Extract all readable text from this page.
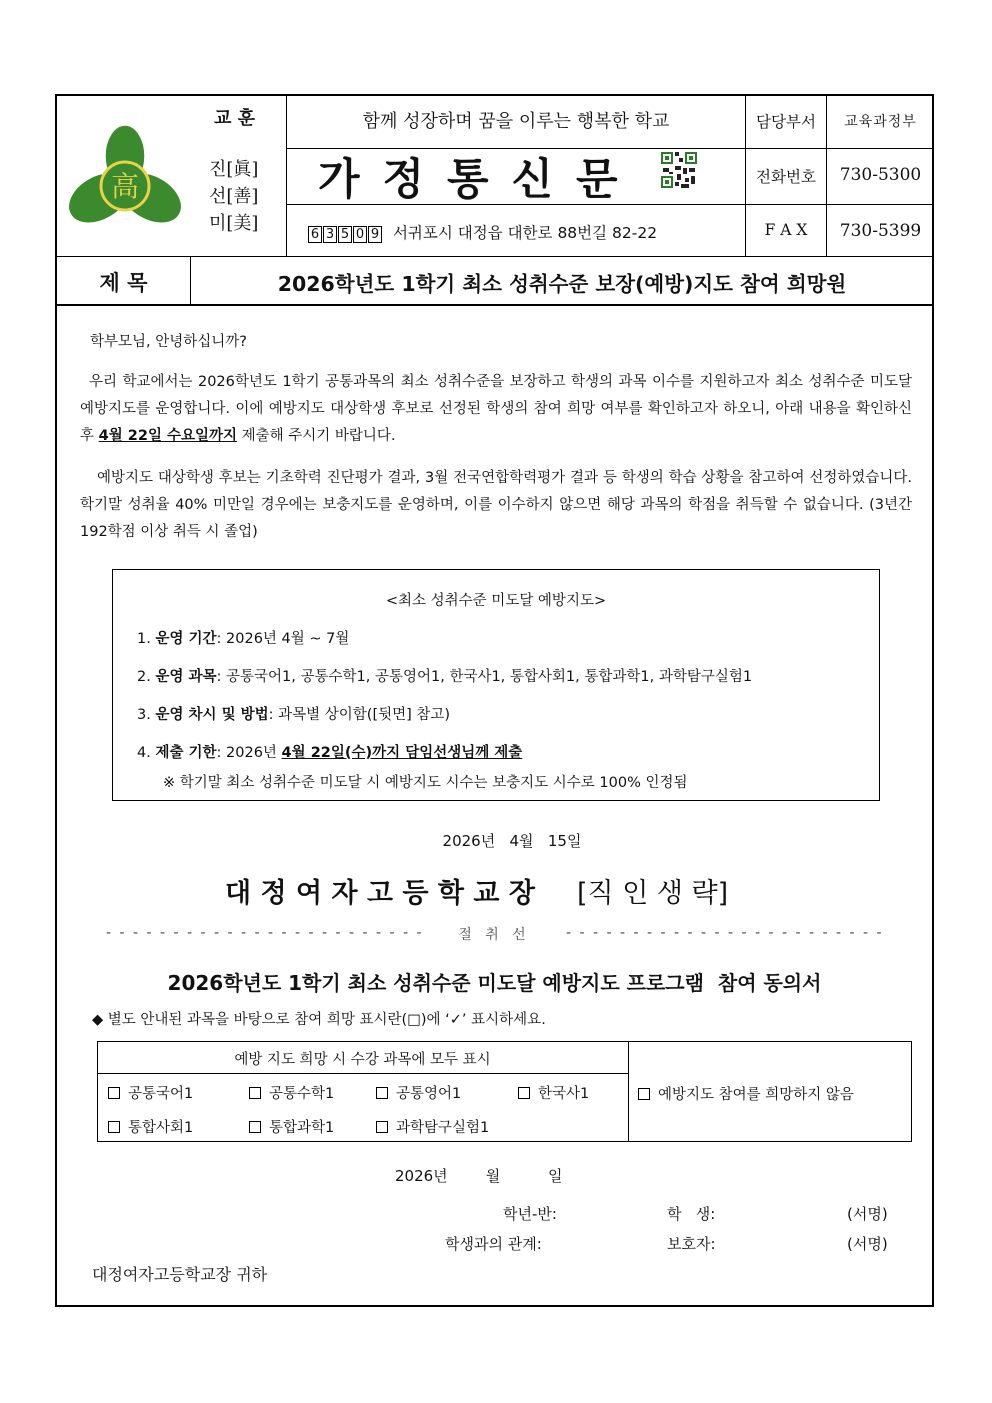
高
교 훈
진[眞]
선[善]
미[美]
함께 성장하며 꿈을 이루는 행복한 학교
가 정 통 신 문
6 3 5 0 9 서귀포시 대정읍 대한로 88번길 82-22
담당부서	교육과정부
전화번호	730-5300
F A X	730-5399
제 목	2026학년도 1학기 최소 성취수준 보장(예방)지도 참여 희망원
학부모님, 안녕하십니까?

우리 학교에서는 2026학년도 1학기 공통과목의 최소 성취수준을 보장하고 학생의 과목 이수를 지원하고자 최소 성취수준 미도달 예방지도를 운영합니다. 이에 예방지도 대상학생 후보로 선정된 학생의 참여 희망 여부를 확인하고자 하오니, 아래 내용을 확인하신 후 4월 22일 수요일까지 제출해 주시기 바랍니다.

예방지도 대상학생 후보는 기초학력 진단평가 결과, 3월 전국연합학력평가 결과 등 학생의 학습 상황을 참고하여 선정하였습니다. 학기말 성취율 40% 미만일 경우에는 보충지도를 운영하며, 이를 이수하지 않으면 해당 과목의 학점을 취득할 수 없습니다. (3년간 192학점 이상 취득 시 졸업)

<최소 성취수준 미도달 예방지도>
1. 운영 기간: 2026년 4월 ~ 7월
2. 운영 과목: 공통국어1, 공통수학1, 공통영어1, 한국사1, 통합사회1, 통합과학1, 과학탐구실험1
3. 운영 차시 및 방법: 과목별 상이함([뒷면] 참고)
4. 제출 기한: 2026년 4월 22일(수)까지 담임선생님께 제출
※ 학기말 최소 성취수준 미도달 시 예방지도 시수는 보충지도 시수로 100% 인정됨
2026년   4월   15일
대 정 여 자 고 등 학 교 장 [직 인 생 략]
- - - - - - - - - - - - - - - - - - - - - - - -	절   취   선	- - - - - - - - - - - - - - - - - - - - - - - -
2026학년도 1학기 최소 성취수준 미도달 예방지도 프로그램  참여 동의서
◆ 별도 안내된 과목을 바탕으로 참여 희망 표시란(□)에 ‘✓’ 표시하세요.
예방 지도 희망 시 수강 과목에 모두 표시
공통국어1	공통수학1	공통영어1	한국사1
통합사회1	통합과학1	과학탐구실험1
예방지도 참여를 희망하지 않음
2026년        월          일
학년-반:	학   생:	(서명)
학생과의 관계:	보호자:	(서명)
대정여자고등학교장 귀하
